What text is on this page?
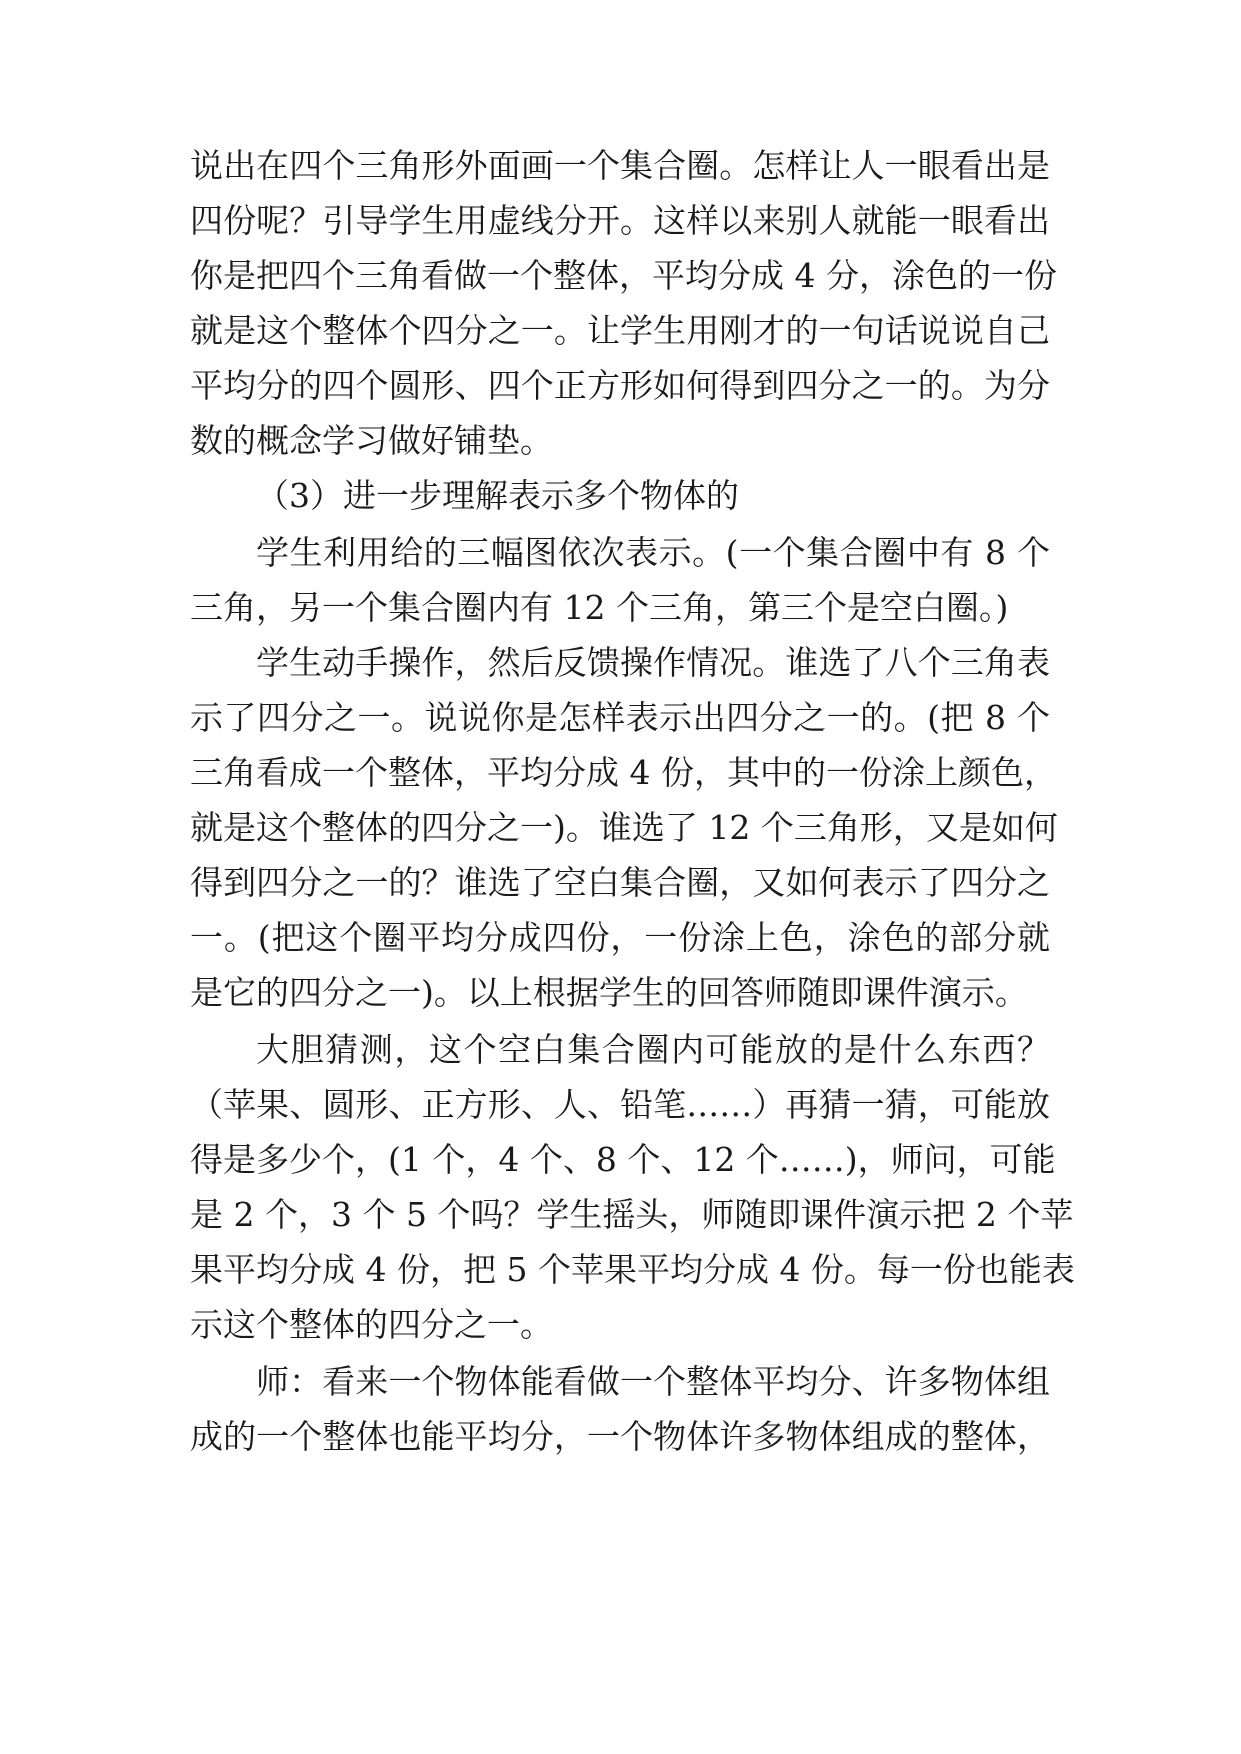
说出在四个三角形外面画一个集合圈。怎样让人一眼看出是
四份呢？引导学生用虚线分开。这样以来别人就能一眼看出
你是把四个三角看做一个整体，平均分成 4 分，涂色的一份
就是这个整体个四分之一。让学生用刚才的一句话说说自己
平均分的四个圆形、四个正方形如何得到四分之一的。为分
数的概念学习做好铺垫。
（3）进一步理解表示多个物体的
学生利用给的三幅图依次表示。(一个集合圈中有 8 个
三角，另一个集合圈内有 12 个三角，第三个是空白圈。)
学生动手操作，然后反馈操作情况。谁选了八个三角表
示了四分之一。说说你是怎样表示出四分之一的。(把 8 个
三角看成一个整体，平均分成 4 份，其中的一份涂上颜色，
就是这个整体的四分之一)。谁选了 12 个三角形，又是如何
得到四分之一的？谁选了空白集合圈，又如何表示了四分之
一。(把这个圈平均分成四份，一份涂上色，涂色的部分就
是它的四分之一)。以上根据学生的回答师随即课件演示。
大胆猜测，这个空白集合圈内可能放的是什么东西？
（苹果、圆形、正方形、人、铅笔……）再猜一猜，可能放
得是多少个，(1 个，4 个、8 个、12 个……)，师问，可能
是 2 个，3 个 5 个吗？学生摇头，师随即课件演示把 2 个苹
果平均分成 4 份，把 5 个苹果平均分成 4 份。每一份也能表
示这个整体的四分之一。
师：看来一个物体能看做一个整体平均分、许多物体组
成的一个整体也能平均分，一个物体许多物体组成的整体，
